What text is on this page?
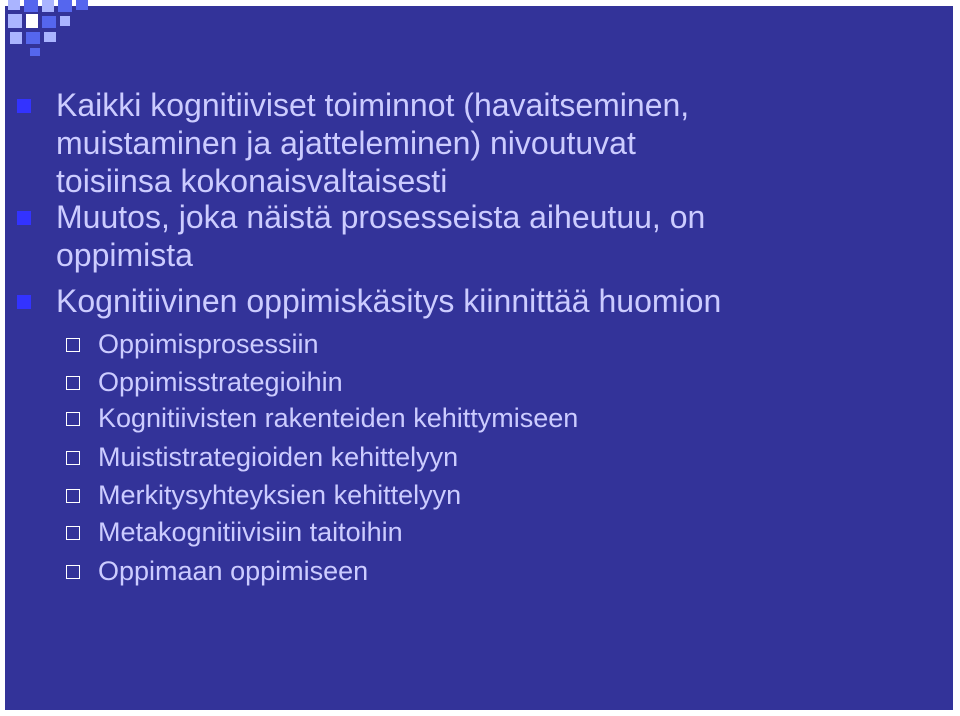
Kaikki kognitiiviset toiminnot (havaitseminen,
muistaminen ja ajatteleminen) nivoutuvat
toisiinsa kokonaisvaltaisesti
Muutos, joka näistä prosesseista aiheutuu, on
oppimista
Kognitiivinen oppimiskäsitys kiinnittää huomion
Oppimisprosessiin
Oppimisstrategioihin
Kognitiivisten rakenteiden kehittymiseen
Muististrategioiden kehittelyyn
Merkitysyhteyksien kehittelyyn
Metakognitiivisiin taitoihin
Oppimaan oppimiseen
